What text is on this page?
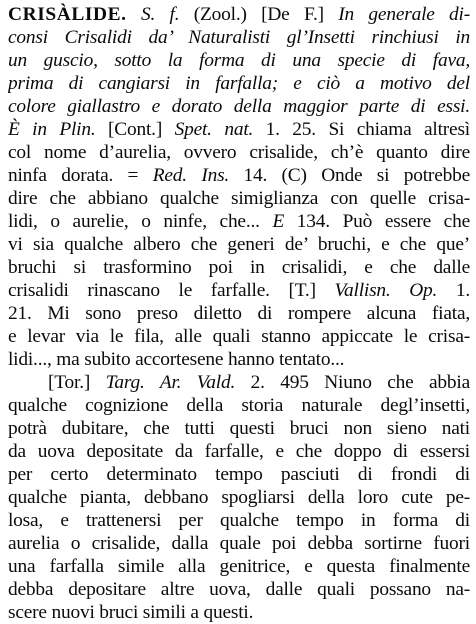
CRISÀLIDE. S. f. (Zool.) [De F.] In generale di-
consi Crisalidi da’ Naturalisti gl’Insetti rinchiusi in
un guscio, sotto la forma di una specie di fava,
prima di cangiarsi in farfalla; e ciò a motivo del
colore giallastro e dorato della maggior parte di essi.
È in Plin. [Cont.] Spet. nat. 1. 25. Si chiama altresì
col nome d’aurelia, ovvero crisalide, ch’è quanto dire
ninfa dorata. = Red. Ins. 14. (C) Onde si potrebbe
dire che abbiano qualche simiglianza con quelle crisa-
lidi, o aurelie, o ninfe, che... E 134. Può essere che
vi sia qualche albero che generi de’ bruchi, e che que’
bruchi si trasformino poi in crisalidi, e che dalle
crisalidi rinascano le farfalle. [T.] Vallisn. Op. 1.
21. Mi sono preso diletto di rompere alcuna fiata,
e levar via le fila, alle quali stanno appiccate le crisa-
lidi..., ma subito accortesene hanno tentato...
[Tor.] Targ. Ar. Vald. 2. 495 Niuno che abbia
qualche cognizione della storia naturale degl’insetti,
potrà dubitare, che tutti questi bruci non sieno nati
da uova depositate da farfalle, e che doppo di essersi
per certo determinato tempo pasciuti di frondi di
qualche pianta, debbano spogliarsi della loro cute pe-
losa, e trattenersi per qualche tempo in forma di
aurelia o crisalide, dalla quale poi debba sortirne fuori
una farfalla simile alla genitrice, e questa finalmente
debba depositare altre uova, dalle quali possano na-
scere nuovi bruci simili a questi.
